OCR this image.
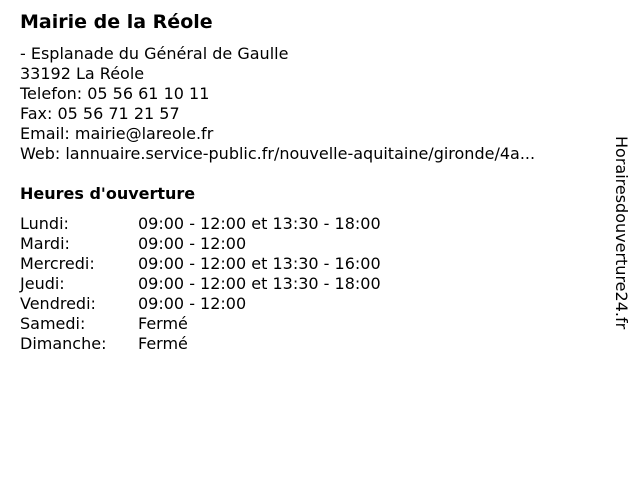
Mairie de la Réole
- Esplanade du Général de Gaulle
33192 La Réole
Telefon: 05 56 61 10 11
Fax: 05 56 71 21 57
Email: mairie@lareole.fr
Web: lannuaire.service-public.fr/nouvelle-aquitaine/gironde/4a...
Heures d'ouverture
Lundi:	09:00 - 12:00 et 13:30 - 18:00
Mardi:	09:00 - 12:00
Mercredi:	09:00 - 12:00 et 13:30 - 16:00
Jeudi:	09:00 - 12:00 et 13:30 - 18:00
Vendredi:	09:00 - 12:00
Samedi:	Fermé
Dimanche:	Fermé
Horairesdouverture24.fr
